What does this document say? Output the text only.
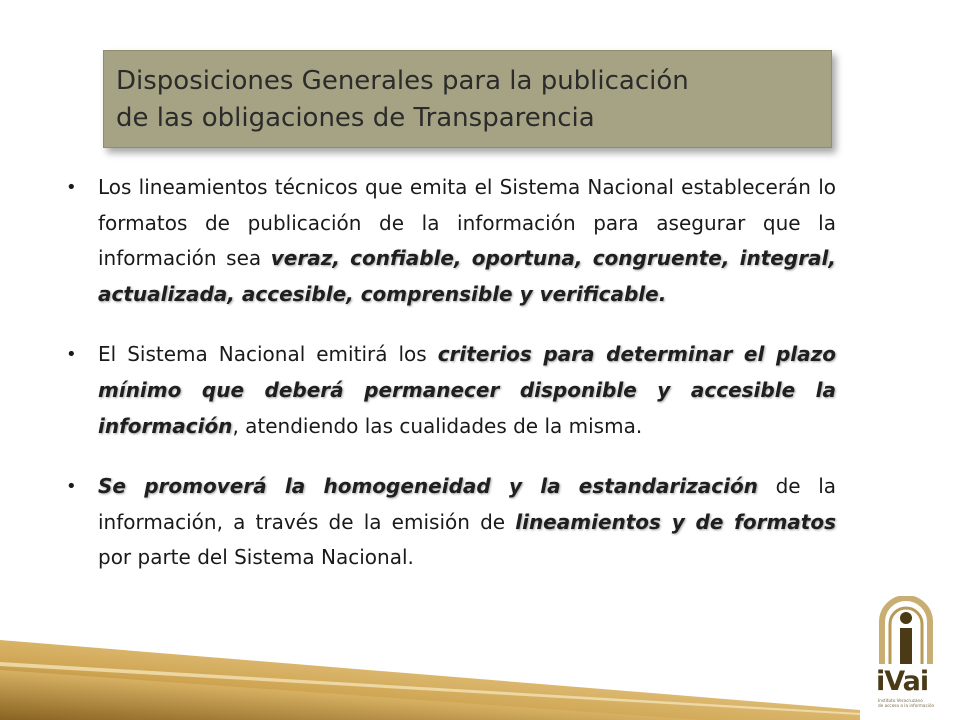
Disposiciones Generales para la publicación
de las obligaciones de Transparencia
• Los lineamientos técnicos que emita el Sistema Nacional establecerán lo formatos de publicación de la información para asegurar que la información sea veraz, confiable, oportuna, congruente, integral, actualizada, accesible, comprensible y verificable.
• El Sistema Nacional emitirá los criterios para determinar el plazo mínimo que deberá permanecer disponible y accesible la información, atendiendo las cualidades de la misma.
• Se promoverá la homogeneidad y la estandarización de la información, a través de la emisión de lineamientos y de formatos por parte del Sistema Nacional.
iVai
Instituto Veracruzano
de acceso a la información
